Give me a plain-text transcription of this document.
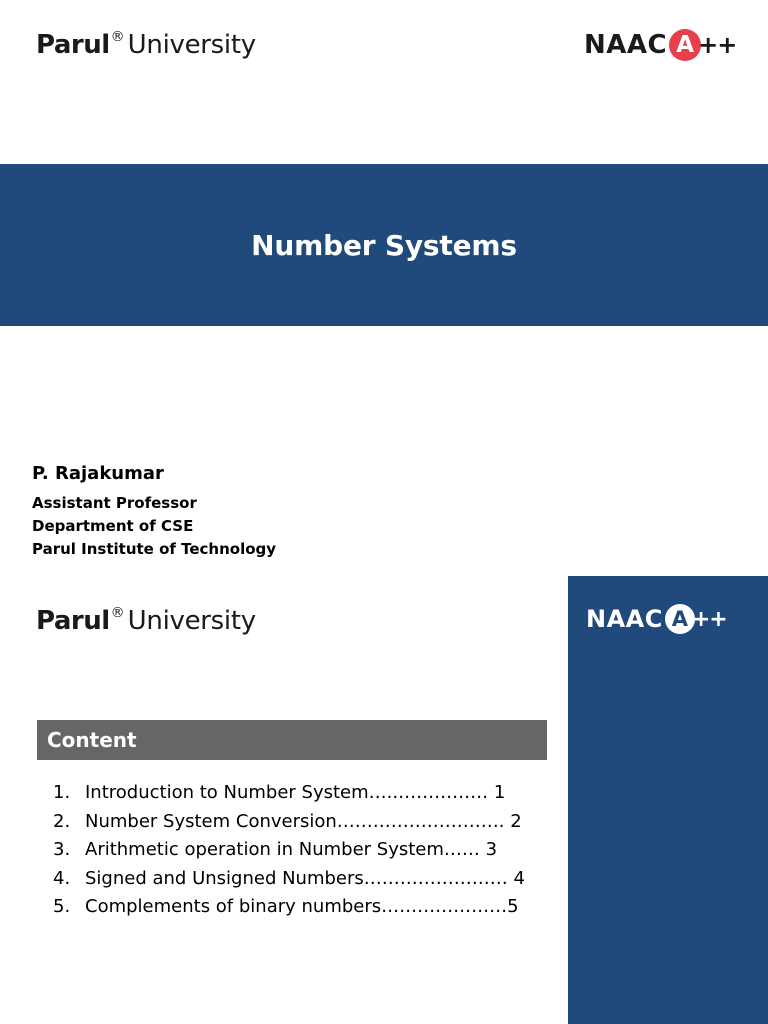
Parul ® University	NAAC A ++
Number Systems

P. Rajakumar

Assistant Professor

Department of CSE

Parul Institute of Technology

Parul ® University	NAAC A ++
Content
1. Introduction to Number System…..…………… 1
2. Number System Conversion………………………. 2
3. Arithmetic operation in Number System…… 3
4. Signed and Unsigned Numbers…………………… 4
5. Complements of binary numbers…………………5
